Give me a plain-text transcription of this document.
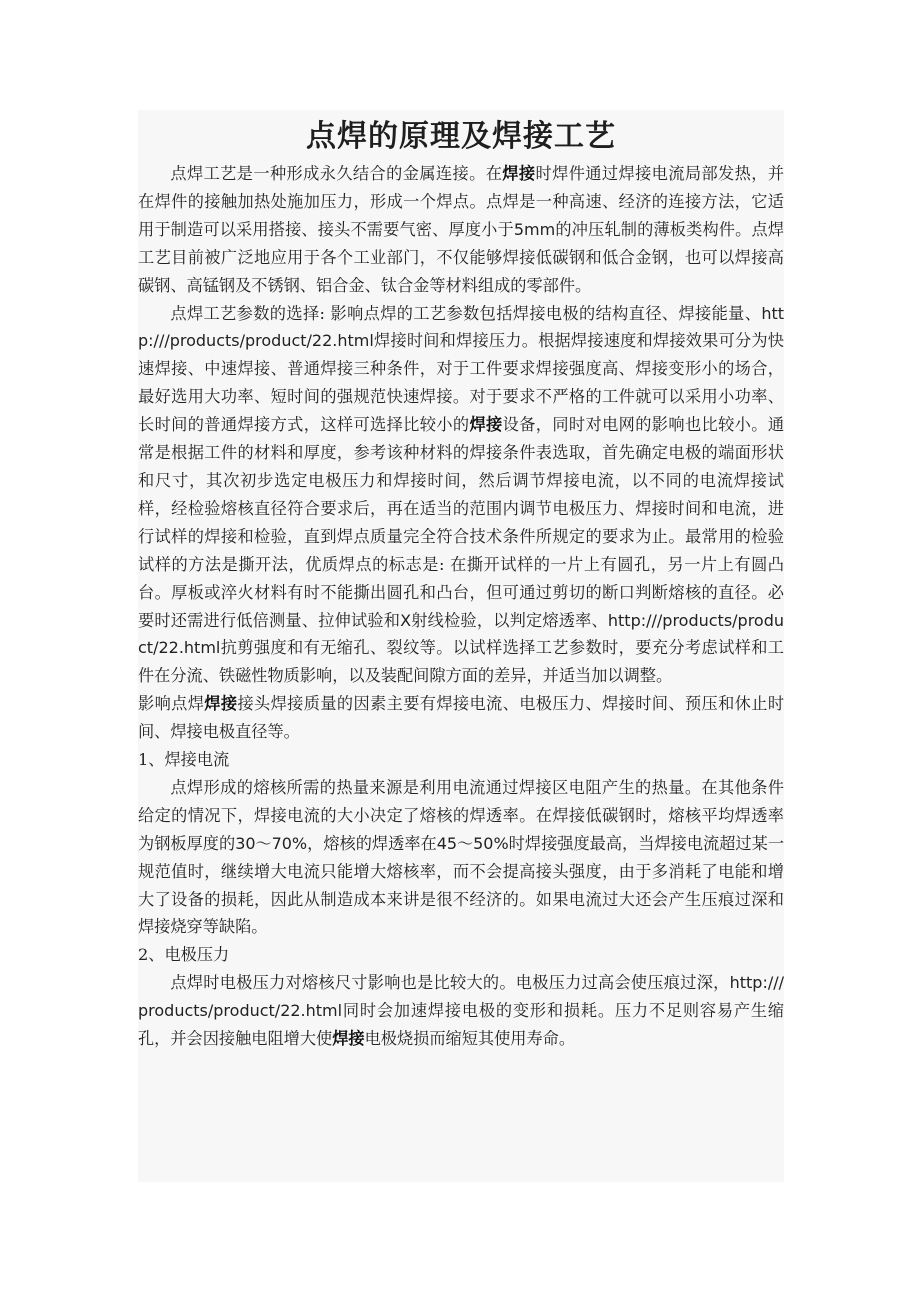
点焊的原理及焊接工艺

点焊工艺是一种形成永久结合的金属连接。在焊接时焊件通过焊接电流局部发热，并在焊件的接触加热处施加压力，形成一个焊点。点焊是一种高速、经济的连接方法，它适用于制造可以采用搭接、接头不需要气密、厚度小于5mm的冲压轧制的薄板类构件。点焊工艺目前被广泛地应用于各个工业部门，不仅能够焊接低碳钢和低合金钢，也可以焊接高碳钢、高锰钢及不锈钢、铝合金、钛合金等材料组成的零部件。

点焊工艺参数的选择: 影响点焊的工艺参数包括焊接电极的结构直径、焊接能量、http:///products/product/22.html焊接时间和焊接压力。根据焊接速度和焊接效果可分为快速焊接、中速焊接、普通焊接三种条件，对于工件要求焊接强度高、焊接变形小的场合，最好选用大功率、短时间的强规范快速焊接。对于要求不严格的工件就可以采用小功率、长时间的普通焊接方式，这样可选择比较小的焊接设备，同时对电网的影响也比较小。通常是根据工件的材料和厚度，参考该种材料的焊接条件表选取，首先确定电极的端面形状和尺寸，其次初步选定电极压力和焊接时间，然后调节焊接电流，以不同的电流焊接试样，经检验熔核直径符合要求后，再在适当的范围内调节电极压力、焊接时间和电流，进行试样的焊接和检验，直到焊点质量完全符合技术条件所规定的要求为止。最常用的检验试样的方法是撕开法，优质焊点的标志是: 在撕开试样的一片上有圆孔，另一片上有圆凸台。厚板或淬火材料有时不能撕出圆孔和凸台，但可通过剪切的断口判断熔核的直径。必要时还需进行低倍测量、拉伸试验和X射线检验，以判定熔透率、http:///products/product/22.html抗剪强度和有无缩孔、裂纹等。以试样选择工艺参数时，要充分考虑试样和工件在分流、铁磁性物质影响，以及装配间隙方面的差异，并适当加以调整。

影响点焊焊接接头焊接质量的因素主要有焊接电流、电极压力、焊接时间、预压和休止时间、焊接电极直径等。

1、焊接电流

点焊形成的熔核所需的热量来源是利用电流通过焊接区电阻产生的热量。在其他条件给定的情况下，焊接电流的大小决定了熔核的焊透率。在焊接低碳钢时，熔核平均焊透率为钢板厚度的30～70%，熔核的焊透率在45～50%时焊接强度最高，当焊接电流超过某一规范值时，继续增大电流只能增大熔核率，而不会提高接头强度，由于多消耗了电能和增大了设备的损耗，因此从制造成本来讲是很不经济的。如果电流过大还会产生压痕过深和焊接烧穿等缺陷。

2、电极压力

点焊时电极压力对熔核尺寸影响也是比较大的。电极压力过高会使压痕过深，http:///products/product/22.html同时会加速焊接电极的变形和损耗。压力不足则容易产生缩孔，并会因接触电阻增大使焊接电极烧损而缩短其使用寿命。
